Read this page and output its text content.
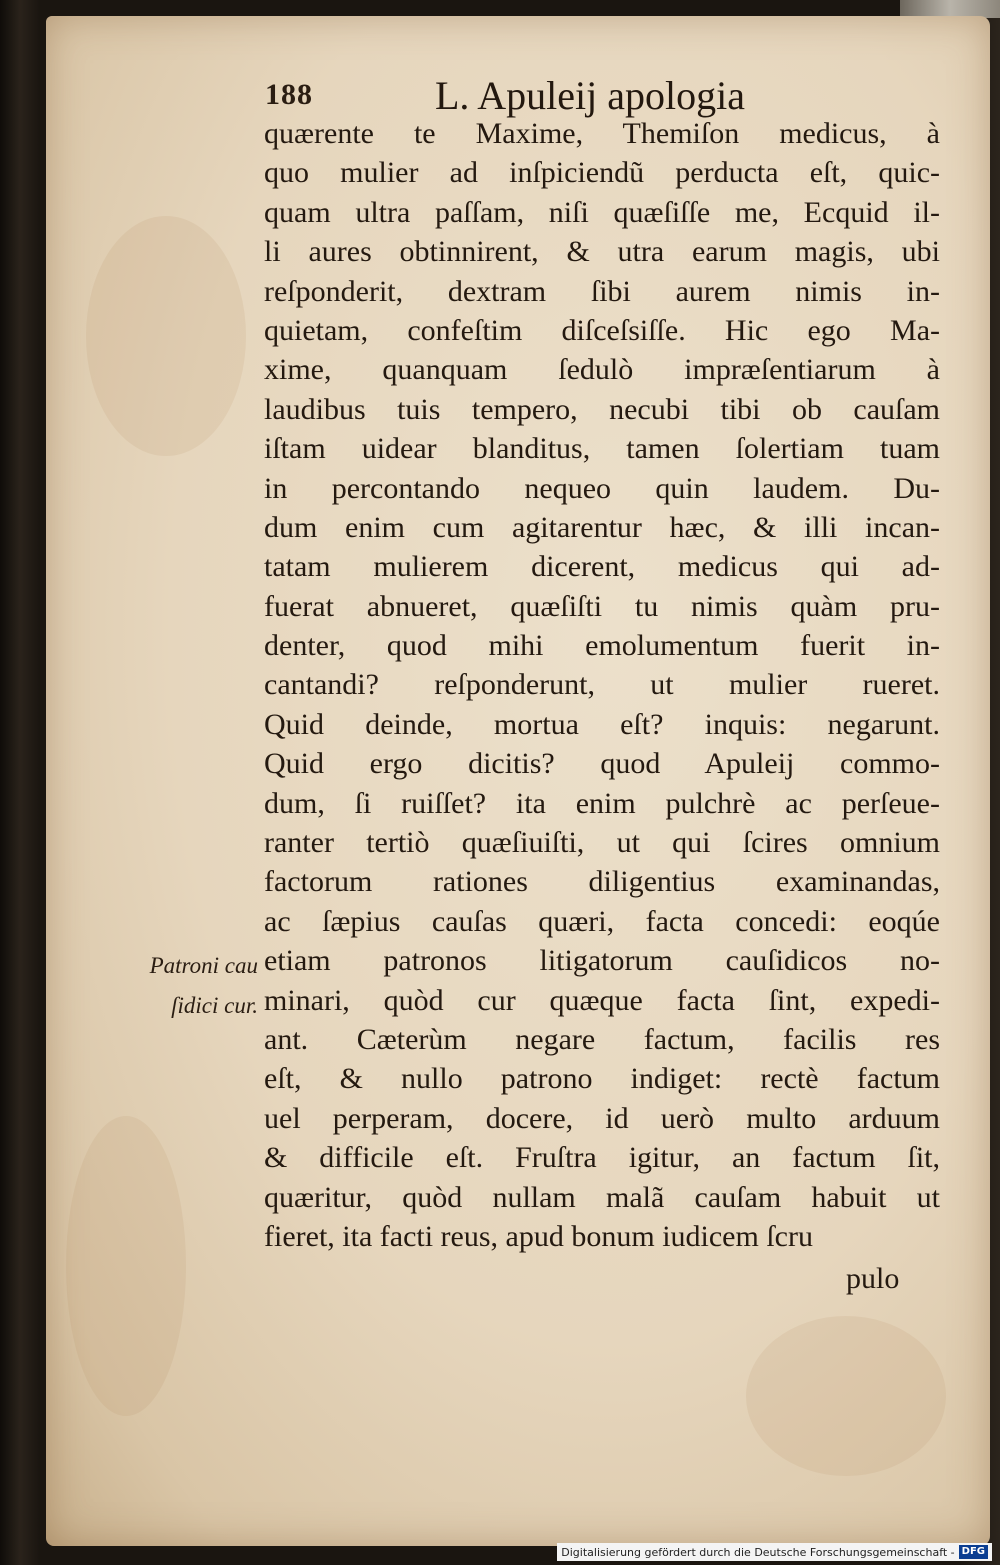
188	L. Apuleij apologia
quærente te Maxime, Themiſon medicus, à
quo mulier ad inſpiciendũ perducta eſt, quic-
quam ultra paſſam, niſi quæſiſſe me, Ecquid il-
li aures obtinnirent, & utra earum magis, ubi
reſponderit, dextram ſibi aurem nimis in-
quietam, confeſtim diſceſsiſſe. Hic ego Ma-
xime, quanquam ſedulò impræſentiarum à
laudibus tuis tempero, necubi tibi ob cauſam
iſtam uidear blanditus, tamen ſolertiam tuam
in percontando nequeo quin laudem. Du-
dum enim cum agitarentur hæc, & illi incan-
tatam mulierem dicerent, medicus qui ad-
fuerat abnueret, quæſiſti tu nimis quàm pru-
denter, quod mihi emolumentum fuerit in-
cantandi? reſponderunt, ut mulier rueret.
Quid deinde, mortua eſt? inquis: negarunt.
Quid ergo dicitis? quod Apuleij commo-
dum, ſi ruiſſet? ita enim pulchrè ac perſeue-
ranter tertiò quæſiuiſti, ut qui ſcires omnium
factorum rationes diligentius examinandas,
ac ſæpius cauſas quæri, facta concedi: eoqúe
etiam patronos litigatorum cauſidicos no-
minari, quòd cur quæque facta ſint, expedi-
ant. Cæterùm negare factum, facilis res
eſt, & nullo patrono indiget: rectè factum
uel perperam, docere, id uerò multo arduum
& difficile eſt. Fruſtra igitur, an factum ſit,
quæritur, quòd nullam malã cauſam habuit ut
fieret, ita facti reus, apud bonum iudicem ſcru
Patroni cau
ſidici cur.
pulo
Digitalisierung gefördert durch die Deutsche Forschungsgemeinschaft - DFG
